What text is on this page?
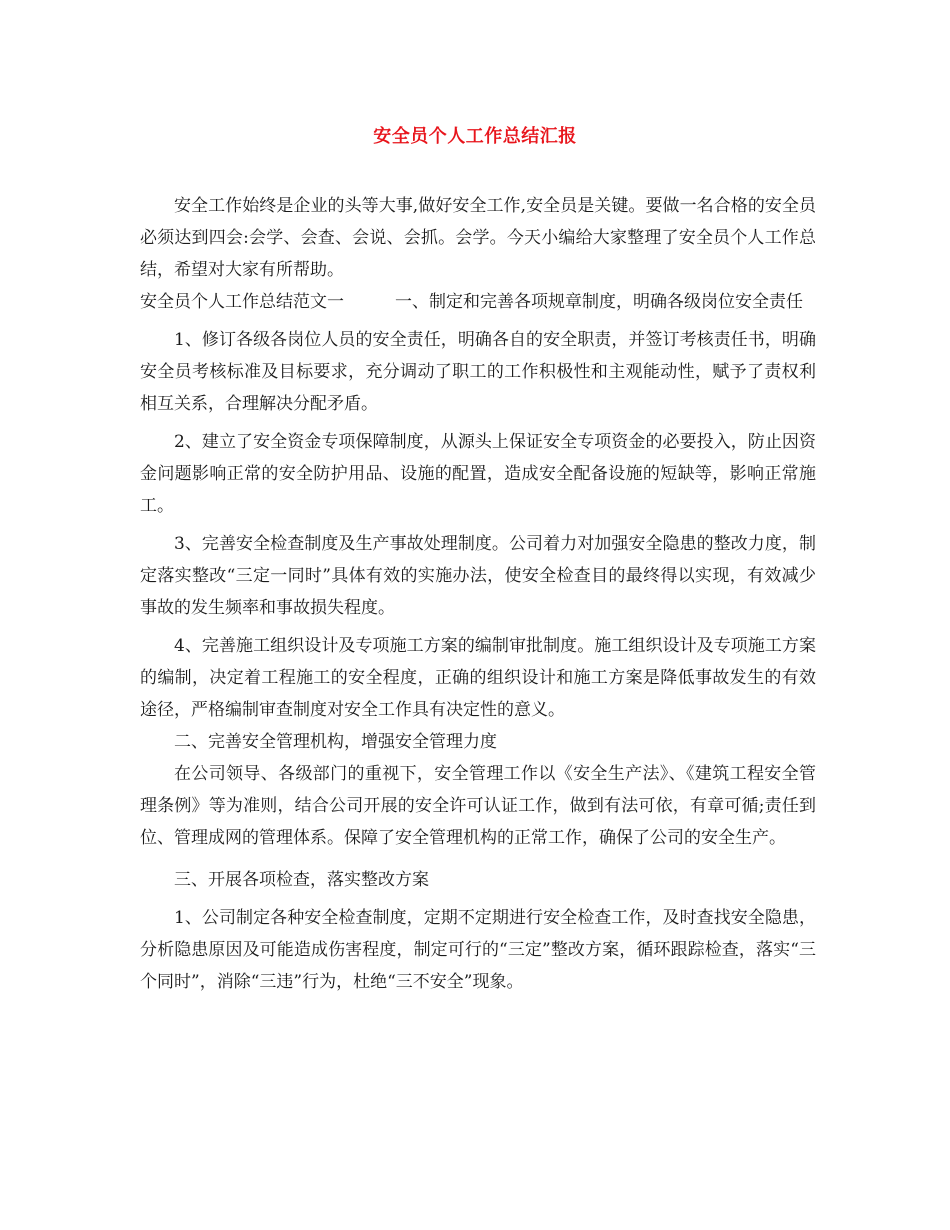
安全员个人工作总结汇报

安全工作始终是企业的头等大事,做好安全工作,安全员是关键。要做一名合格的安全员必须达到四会:会学、会查、会说、会抓。会学。今天小编给大家整理了安全员个人工作总结，希望对大家有所帮助。

安全员个人工作总结范文一　　　一、制定和完善各项规章制度，明确各级岗位安全责任

1、修订各级各岗位人员的安全责任，明确各自的安全职责，并签订考核责任书，明确安全员考核标准及目标要求，充分调动了职工的工作积极性和主观能动性，赋予了责权利相互关系，合理解决分配矛盾。

2、建立了安全资金专项保障制度，从源头上保证安全专项资金的必要投入，防止因资金问题影响正常的安全防护用品、设施的配置，造成安全配备设施的短缺等，影响正常施工。

3、完善安全检查制度及生产事故处理制度。公司着力对加强安全隐患的整改力度，制定落实整改“三定一同时”具体有效的实施办法，使安全检查目的最终得以实现，有效减少事故的发生频率和事故损失程度。

4、完善施工组织设计及专项施工方案的编制审批制度。施工组织设计及专项施工方案的编制，决定着工程施工的安全程度，正确的组织设计和施工方案是降低事故发生的有效途径，严格编制审查制度对安全工作具有决定性的意义。

二、完善安全管理机构，增强安全管理力度

在公司领导、各级部门的重视下，安全管理工作以《安全生产法》、《建筑工程安全管理条例》等为准则，结合公司开展的安全许可认证工作，做到有法可依，有章可循;责任到位、管理成网的管理体系。保障了安全管理机构的正常工作，确保了公司的安全生产。

三、开展各项检查，落实整改方案

1、公司制定各种安全检查制度，定期不定期进行安全检查工作，及时查找安全隐患，分析隐患原因及可能造成伤害程度，制定可行的“三定”整改方案，循环跟踪检查，落实“三个同时”，消除“三违”行为，杜绝“三不安全”现象。
